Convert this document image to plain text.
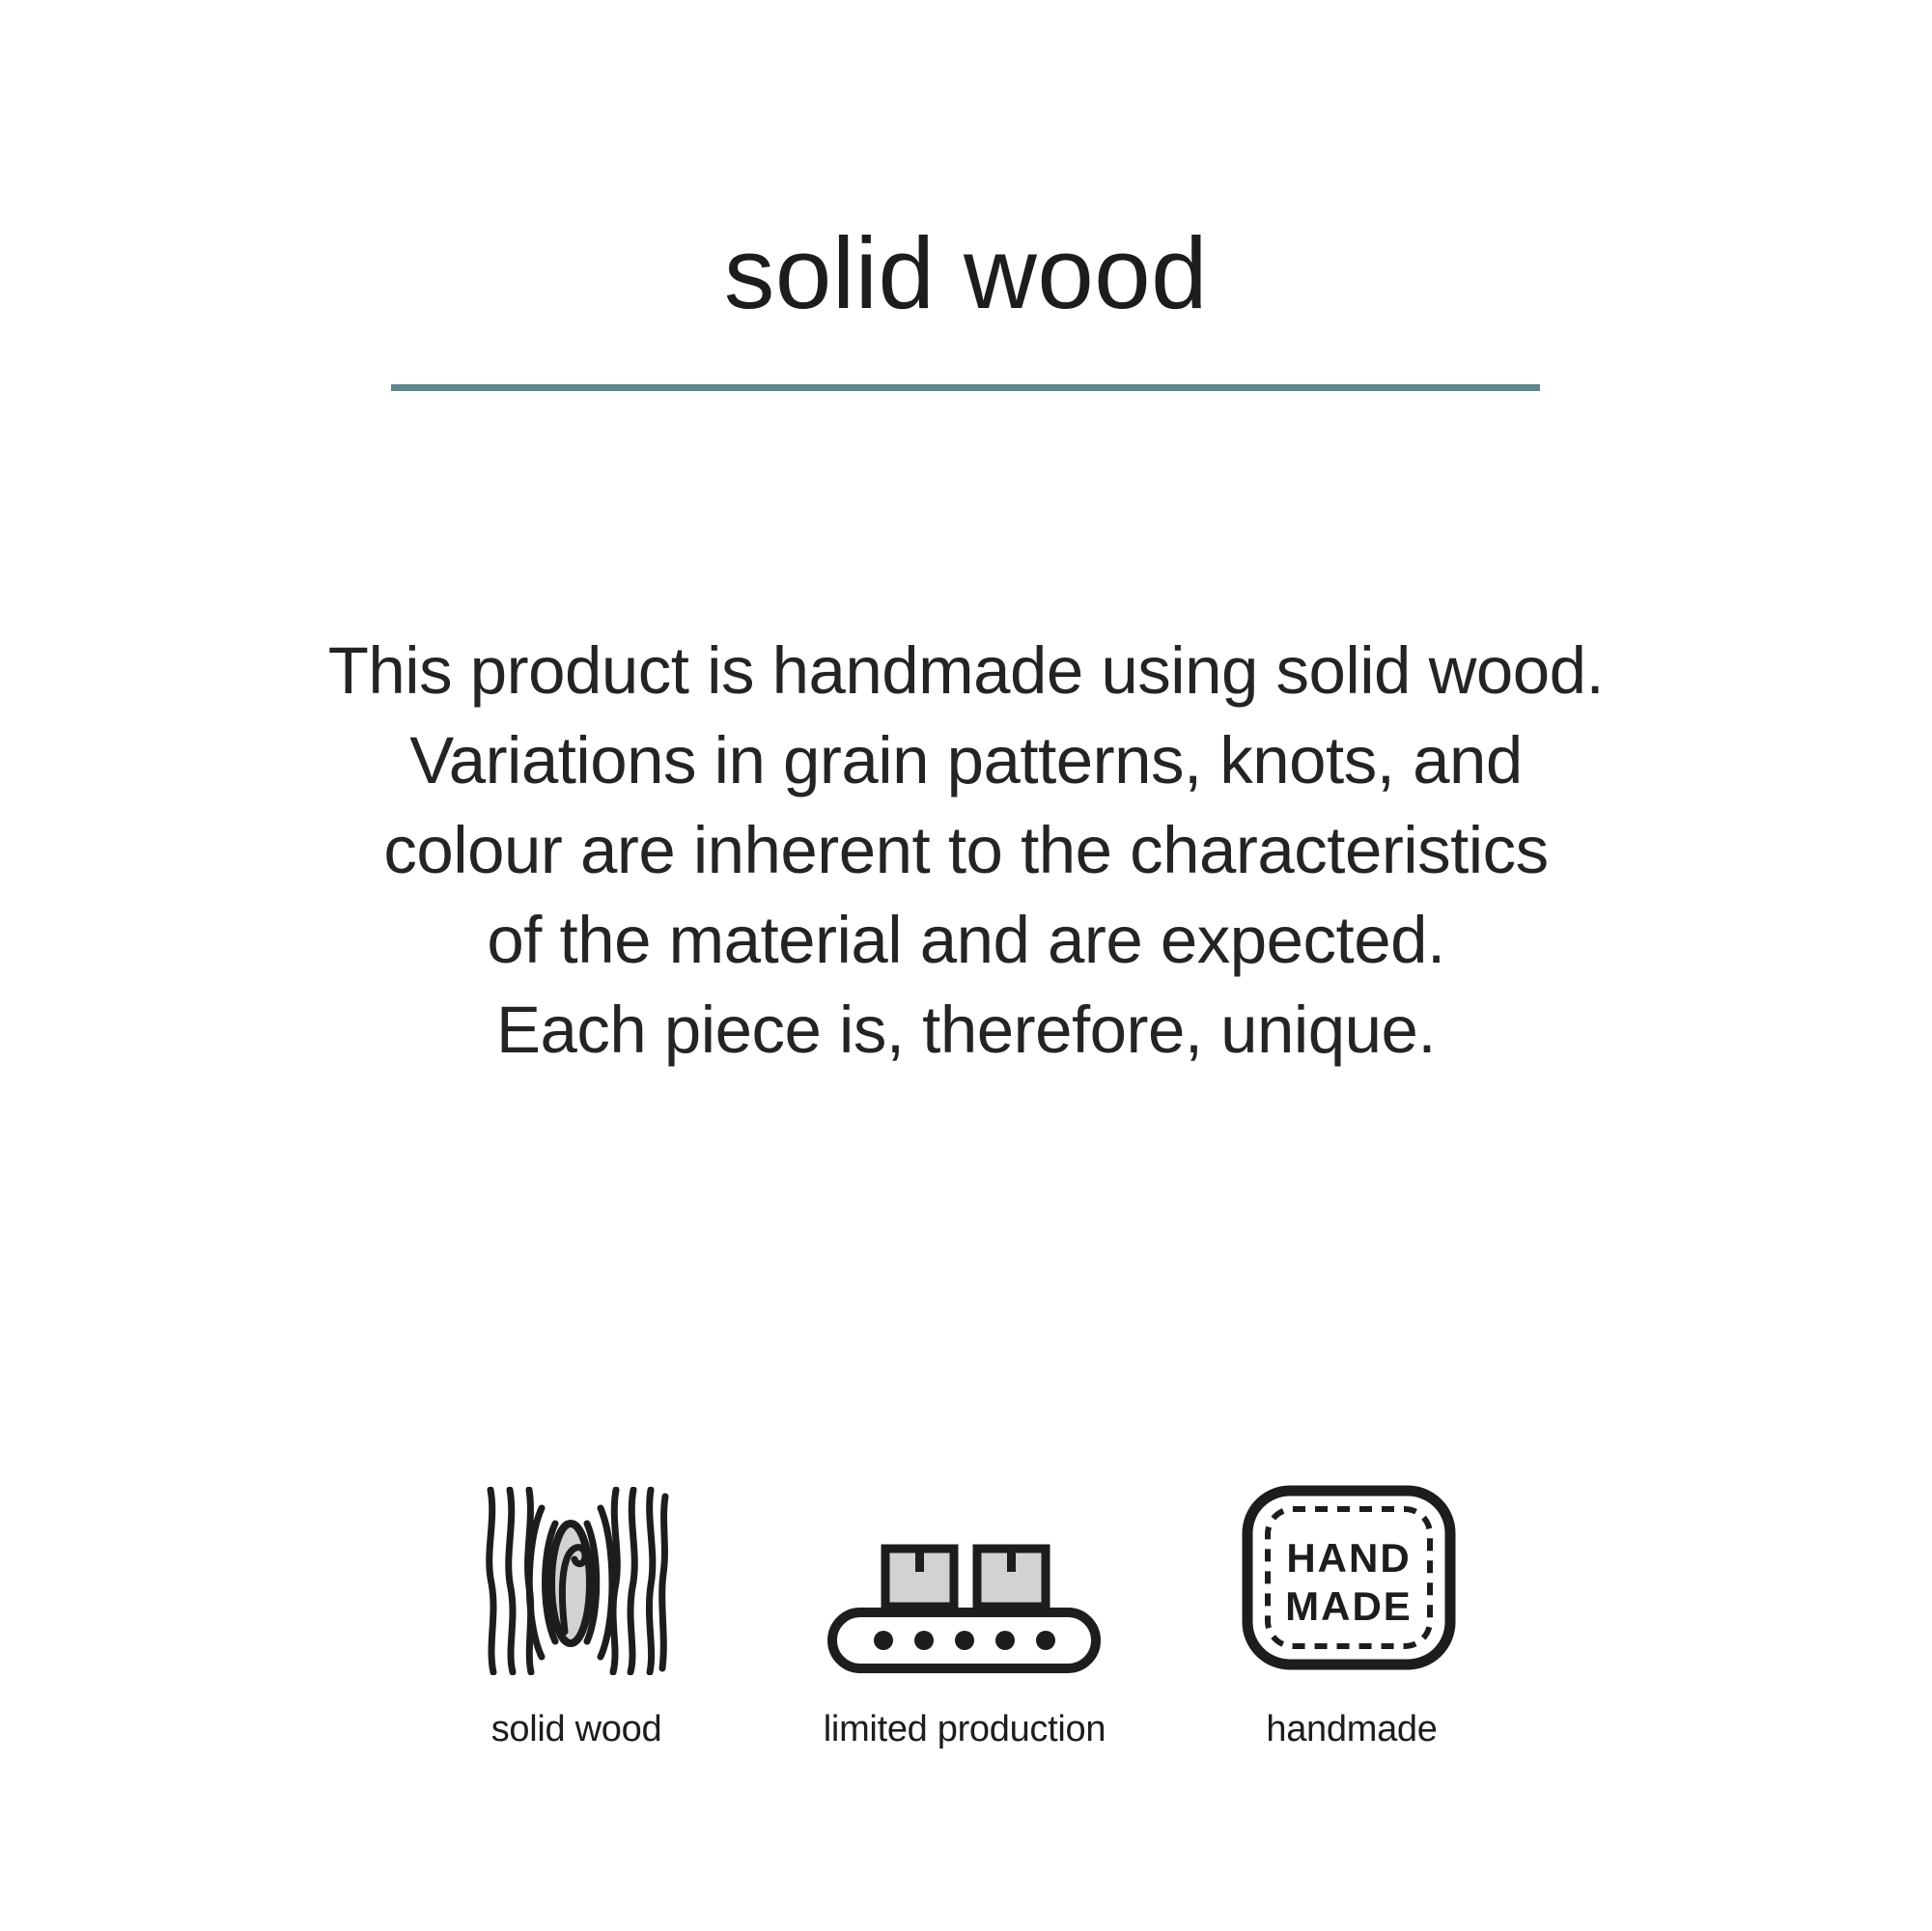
solid wood
This product is handmade using solid wood.
Variations in grain patterns, knots, and
colour are inherent to the characteristics
of the material and are expected.
Each piece is, therefore, unique.
HAND
MADE
solid wood	limited production	handmade
